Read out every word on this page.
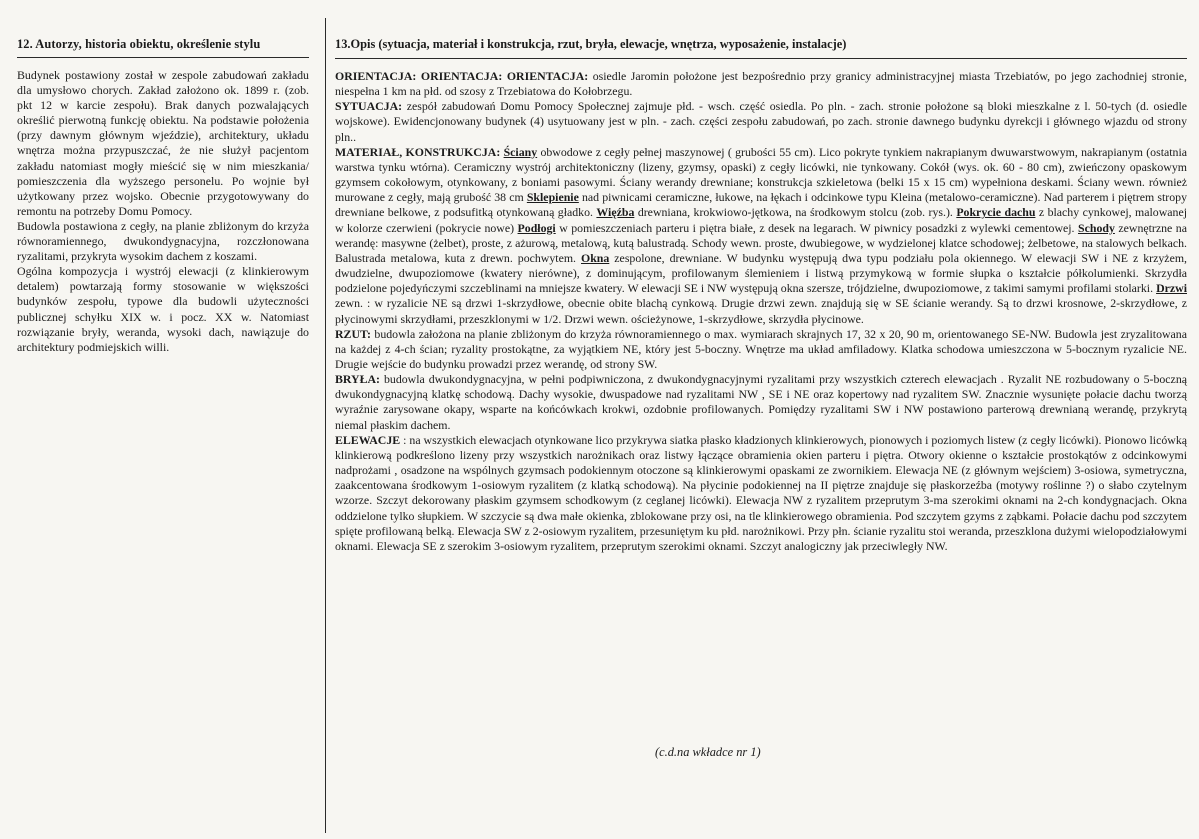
12. Autorzy, historia obiektu, określenie stylu

Budynek postawiony został w zespole zabudowań zakładu dla umysłowo chorych. Zakład założono ok. 1899 r. (zob. pkt 12 w karcie zespołu). Brak danych pozwalających określić pierwotną funkcję obiektu. Na podstawie położenia (przy dawnym głównym wjeździe), architektury, układu wnętrza można przypuszczać, że nie służył pacjentom zakładu natomiast mogły mieścić się w nim mieszkania/ pomieszczenia dla wyższego personelu. Po wojnie był użytkowany przez wojsko. Obecnie przygotowywany do remontu na potrzeby Domu Pomocy.

Budowla postawiona z cegły, na planie zbliżonym do krzyża równoramiennego, dwukondygnacyjna, rozczłonowana ryzalitami, przykryta wysokim dachem z koszami.

Ogólna kompozycja i wystrój elewacji (z klinkierowym detalem) powtarzają formy stosowanie w większości budynków zespołu, typowe dla budowli użyteczności publicznej schyłku XIX w. i pocz. XX w. Natomiast rozwiązanie bryły, weranda, wysoki dach, nawiązuje do architektury podmiejskich willi.

13.Opis (sytuacja, materiał i konstrukcja, rzut, bryła, elewacje, wnętrza, wyposażenie, instalacje)

ORIENTACJA: ORIENTACJA: ORIENTACJA: osiedle Jaromin położone jest bezpośrednio przy granicy administracyjnej miasta Trzebiatów, po jego zachodniej stronie, niespełna 1 km na płd. od szosy z Trzebiatowa do Kołobrzegu.

SYTUACJA: zespół zabudowań Domu Pomocy Społecznej zajmuje płd. - wsch. część osiedla. Po pln. - zach. stronie położone są bloki mieszkalne z l. 50-tych (d. osiedle wojskowe). Ewidencjonowany budynek (4) usytuowany jest w pln. - zach. części zespołu zabudowań, po zach. stronie dawnego budynku dyrekcji i głównego wjazdu od strony pln..

MATERIAŁ, KONSTRUKCJA: Ściany obwodowe z cegły pełnej maszynowej ( grubości 55 cm). Lico pokryte tynkiem nakrapianym dwuwarstwowym, nakrapianym (ostatnia warstwa tynku wtórna). Ceramiczny wystrój architektoniczny (lizeny, gzymsy, opaski) z cegły licówki, nie tynkowany. Cokół (wys. ok. 60 - 80 cm), zwieńczony opaskowym gzymsem cokołowym, otynkowany, z boniami pasowymi. Ściany werandy drewniane; konstrukcja szkieletowa (belki 15 x 15 cm) wypełniona deskami. Ściany wewn. również murowane z cegły, mają grubość 38 cm Sklepienie nad piwnicami ceramiczne, łukowe, na łękach i odcinkowe typu Kleina (metalowo-ceramiczne). Nad parterem i piętrem stropy drewniane belkowe, z podsufitką otynkowaną gładko. Więźba drewniana, krokwiowo-jętkowa, na środkowym stolcu (zob. rys.). Pokrycie dachu z blachy cynkowej, malowanej w kolorze czerwieni (pokrycie nowe) Podłogi w pomieszczeniach parteru i piętra białe, z desek na legarach. W piwnicy posadzki z wylewki cementowej. Schody zewnętrzne na werandę: masywne (żelbet), proste, z ażurową, metalową, kutą balustradą. Schody wewn. proste, dwubiegowe, w wydzielonej klatce schodowej; żelbetowe, na stalowych belkach. Balustrada metalowa, kuta z drewn. pochwytem. Okna zespolone, drewniane. W budynku występują dwa typu podziału pola okiennego. W elewacji SW i NE z krzyżem, dwudzielne, dwupoziomowe (kwatery nierówne), z dominującym, profilowanym ślemieniem i listwą przymykową w formie słupka o kształcie półkolumienki. Skrzydła podzielone pojedyńczymi szczeblinami na mniejsze kwatery. W elewacji SE i NW występują okna szersze, trójdzielne, dwupoziomowe, z takimi samymi profilami stolarki. Drzwi zewn. : w ryzalicie NE są drzwi 1-skrzydłowe, obecnie obite blachą cynkową. Drugie drzwi zewn. znajdują się w SE ścianie werandy. Są to drzwi krosnowe, 2-skrzydłowe, z płycinowymi skrzydłami, przeszklonymi w 1/2. Drzwi wewn. ościeżynowe, 1-skrzydłowe, skrzydła płycinowe.

RZUT: budowla założona na planie zbliżonym do krzyża równoramiennego o max. wymiarach skrajnych 17, 32 x 20, 90 m, orientowanego SE-NW. Budowla jest zryzalitowana na każdej z 4-ch ścian; ryzality prostokątne, za wyjątkiem NE, który jest 5-boczny. Wnętrze ma układ amfiladowy. Klatka schodowa umieszczona w 5-bocznym ryzalicie NE. Drugie wejście do budynku prowadzi przez werandę, od strony SW.

BRYŁA: budowla dwukondygnacyjna, w pełni podpiwniczona, z dwukondygnacyjnymi ryzalitami przy wszystkich czterech elewacjach . Ryzalit NE rozbudowany o 5-boczną dwukondygnacyjną klatkę schodową. Dachy wysokie, dwuspadowe nad ryzalitami NW , SE i NE oraz kopertowy nad ryzalitem SW. Znacznie wysunięte połacie dachu tworzą wyraźnie zarysowane okapy, wsparte na końcówkach krokwi, ozdobnie profilowanych. Pomiędzy ryzalitami SW i NW postawiono parterową drewnianą werandę, przykrytą niemal płaskim dachem.

ELEWACJE : na wszystkich elewacjach otynkowane lico przykrywa siatka płasko kładzionych klinkierowych, pionowych i poziomych listew (z cegły licówki). Pionowo licówką klinkierową podkreślono lizeny przy wszystkich narożnikach oraz listwy łączące obramienia okien parteru i piętra. Otwory okienne o kształcie prostokątów z odcinkowymi nadprożami , osadzone na wspólnych gzymsach podokiennym otoczone są klinkierowymi opaskami ze zwornikiem. Elewacja NE (z głównym wejściem) 3-osiowa, symetryczna, zaakcentowana środkowym 1-osiowym ryzalitem (z klatką schodową). Na płycinie podokiennej na II piętrze znajduje się płaskorzeźba (motywy roślinne ?) o słabo czytelnym wzorze. Szczyt dekorowany płaskim gzymsem schodkowym (z ceglanej licówki). Elewacja NW z ryzalitem przeprutym 3-ma szerokimi oknami na 2-ch kondygnacjach. Okna oddzielone tylko słupkiem. W szczycie są dwa małe okienka, zblokowane przy osi, na tle klinkierowego obramienia. Pod szczytem gzyms z ząbkami. Połacie dachu pod szczytem spięte profilowaną belką. Elewacja SW z 2-osiowym ryzalitem, przesuniętym ku płd. narożnikowi. Przy płn. ścianie ryzalitu stoi weranda, przeszklona dużymi wielopodziałowymi oknami. Elewacja SE z szerokim 3-osiowym ryzalitem, przeprutym szerokimi oknami. Szczyt analogiczny jak przeciwległy NW.

(c.d.na wkładce nr 1)
